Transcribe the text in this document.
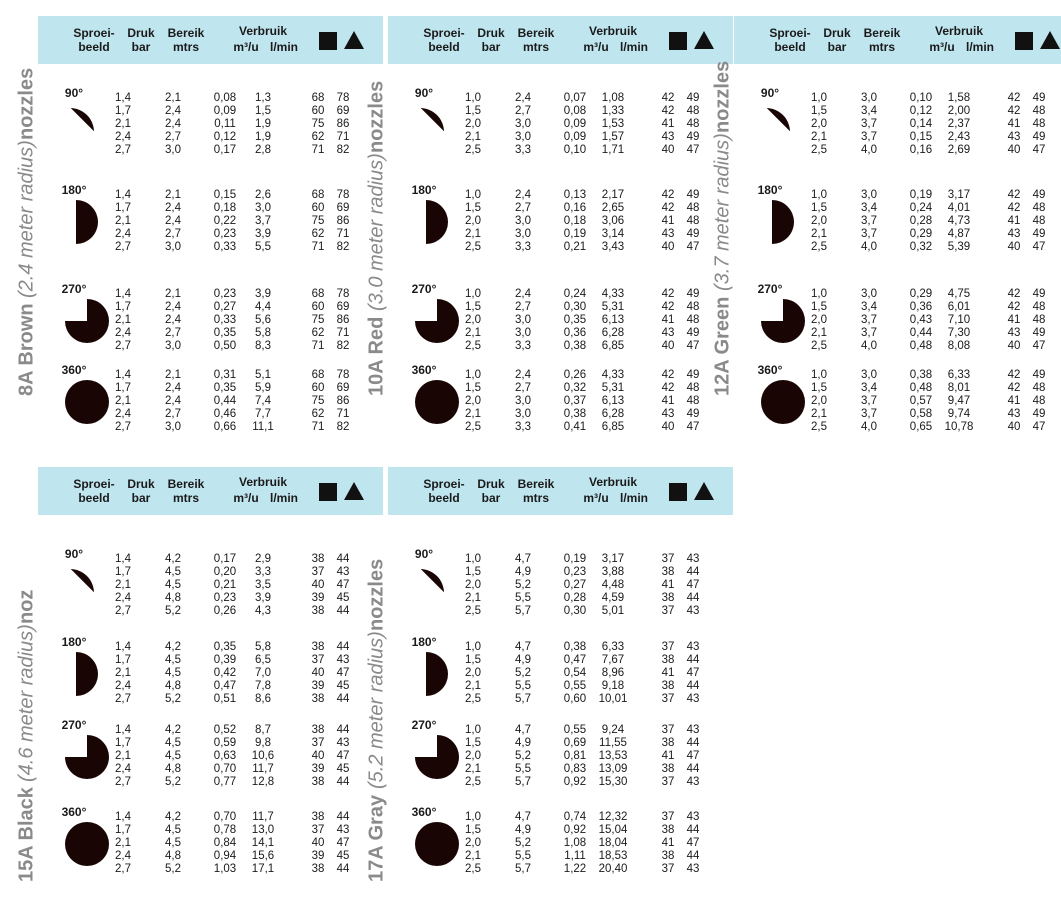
8A Brown

(2.4 meter radius)
nozzles
Sproei-
beeld
Druk
bar
Bereik
mtrs
Verbruik
m³/u l/min
90°	1,4	2,1	0,08	1,3	68	78
1,7	2,4	0,09	1,5	60	69
2,1	2,4	0,11	1,9	75	86
2,4	2,7	0,12	1,9	62	71
2,7	3,0	0,17	2,8	71	82
180°	1,4	2,1	0,15	2,6	68	78
1,7	2,4	0,18	3,0	60	69
2,1	2,4	0,22	3,7	75	86
2,4	2,7	0,23	3,9	62	71
2,7	3,0	0,33	5,5	71	82
270°	1,4	2,1	0,23	3,9	68	78
1,7	2,4	0,27	4,4	60	69
2,1	2,4	0,33	5,6	75	86
2,4	2,7	0,35	5,8	62	71
2,7	3,0	0,50	8,3	71	82
360°	1,4	2,1	0,31	5,1	68	78
1,7	2,4	0,35	5,9	60	69
2,1	2,4	0,44	7,4	75	86
2,4	2,7	0,46	7,7	62	71
2,7	3,0	0,66	11,1	71	82
10A Red

(3.0 meter radius)
nozzles
Sproei-
beeld
Druk
bar
Bereik
mtrs
Verbruik
m³/u l/min
90°	1,0	2,4	0,07	1,08	42	49
1,5	2,7	0,08	1,33	42	48
2,0	3,0	0,09	1,53	41	48
2,1	3,0	0,09	1,57	43	49
2,5	3,3	0,10	1,71	40	47
180°	1,0	2,4	0,13	2,17	42	49
1,5	2,7	0,16	2,65	42	48
2,0	3,0	0,18	3,06	41	48
2,1	3,0	0,19	3,14	43	49
2,5	3,3	0,21	3,43	40	47
270°	1,0	2,4	0,24	4,33	42	49
1,5	2,7	0,30	5,31	42	48
2,0	3,0	0,35	6,13	41	48
2,1	3,0	0,36	6,28	43	49
2,5	3,3	0,38	6,85	40	47
360°	1,0	2,4	0,26	4,33	42	49
1,5	2,7	0,32	5,31	42	48
2,0	3,0	0,37	6,13	41	48
2,1	3,0	0,38	6,28	43	49
2,5	3,3	0,41	6,85	40	47
12A Green

(3.7 meter radius)
nozzles
Sproei-
beeld
Druk
bar
Bereik
mtrs
Verbruik
m³/u l/min
90°	1,0	3,0	0,10	1,58	42	49
1,5	3,4	0,12	2,00	42	48
2,0	3,7	0,14	2,37	41	48
2,1	3,7	0,15	2,43	43	49
2,5	4,0	0,16	2,69	40	47
180°	1,0	3,0	0,19	3,17	42	49
1,5	3,4	0,24	4,01	42	48
2,0	3,7	0,28	4,73	41	48
2,1	3,7	0,29	4,87	43	49
2,5	4,0	0,32	5,39	40	47
270°	1,0	3,0	0,29	4,75	42	49
1,5	3,4	0,36	6,01	42	48
2,0	3,7	0,43	7,10	41	48
2,1	3,7	0,44	7,30	43	49
2,5	4,0	0,48	8,08	40	47
360°	1,0	3,0	0,38	6,33	42	49
1,5	3,4	0,48	8,01	42	48
2,0	3,7	0,57	9,47	41	48
2,1	3,7	0,58	9,74	43	49
2,5	4,0	0,65	10,78	40	47
15A Black

(4.6 meter radius)
noz
Sproei-
beeld
Druk
bar
Bereik
mtrs
Verbruik
m³/u l/min
90°	1,4	4,2	0,17	2,9	38	44
1,7	4,5	0,20	3,3	37	43
2,1	4,5	0,21	3,5	40	47
2,4	4,8	0,23	3,9	39	45
2,7	5,2	0,26	4,3	38	44
180°	1,4	4,2	0,35	5,8	38	44
1,7	4,5	0,39	6,5	37	43
2,1	4,5	0,42	7,0	40	47
2,4	4,8	0,47	7,8	39	45
2,7	5,2	0,51	8,6	38	44
270°	1,4	4,2	0,52	8,7	38	44
1,7	4,5	0,59	9,8	37	43
2,1	4,5	0,63	10,6	40	47
2,4	4,8	0,70	11,7	39	45
2,7	5,2	0,77	12,8	38	44
360°	1,4	4,2	0,70	11,7	38	44
1,7	4,5	0,78	13,0	37	43
2,1	4,5	0,84	14,1	40	47
2,4	4,8	0,94	15,6	39	45
2,7	5,2	1,03	17,1	38	44 17A Gray

(5.2 meter radius)
nozzles
Sproei-
beeld
Druk
bar
Bereik
mtrs
Verbruik
m³/u l/min
90°	1,0	4,7	0,19	3,17	37	43
1,5	4,9	0,23	3,88	38	44
2,0	5,2	0,27	4,48	41	47
2,1	5,5	0,28	4,59	38	44
2,5	5,7	0,30	5,01	37	43
180°	1,0	4,7	0,38	6,33	37	43
1,5	4,9	0,47	7,67	38	44
2,0	5,2	0,54	8,96	41	47
2,1	5,5	0,55	9,18	38	44
2,5	5,7	0,60	10,01	37	43
270°	1,0	4,7	0,55	9,24	37	43
1,5	4,9	0,69	11,55	38	44
2,0	5,2	0,81	13,53	41	47
2,1	5,5	0,83	13,09	38	44
2,5	5,7	0,92	15,30	37	43
360°	1,0	4,7	0,74	12,32	37	43
1,5	4,9	0,92	15,04	38	44
2,0	5,2	1,08	18,04	41	47
2,1	5,5	1,11	18,53	38	44
2,5	5,7	1,22	20,40	37	43
